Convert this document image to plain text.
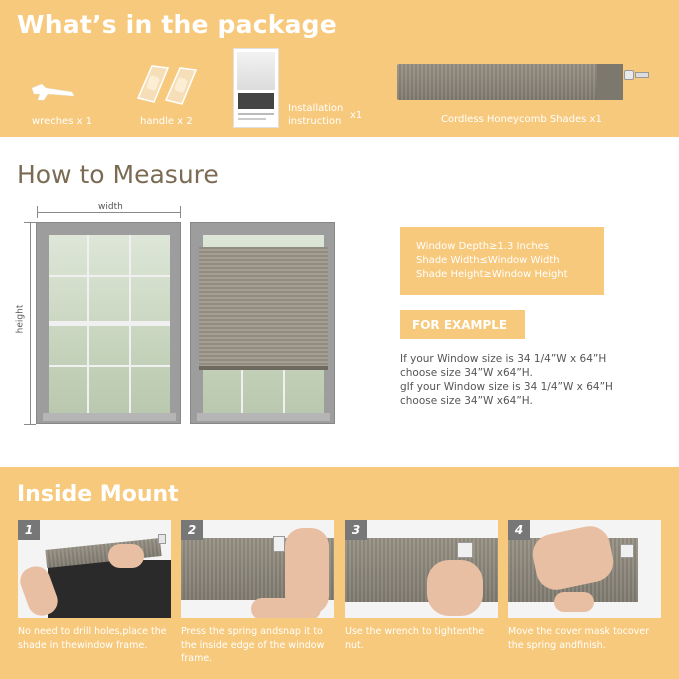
What’s in the package
wreches x 1	handle x 2
Installation
instruction
x1	Cordless Honeycomb Shades x1
How to Measure
width
height
Window Depth≥1.3 Inches
Shade Width≤Window Width
Shade Height≥Window Height
FOR EXAMPLE
If your Window size is 34 1/4”W x 64”H
choose size 34”W x64”H.
gIf your Window size is 34 1/4”W x 64”H
choose size 34”W x64”H.
Inside Mount
1
No need to drill holes,place the shade in thewindow frame.
2
Press the spring andsnap it to the inside edge of the window frame.
3
Use the wrench to tightenthe nut.
4
Move the cover mask tocover the spring andfinish.
